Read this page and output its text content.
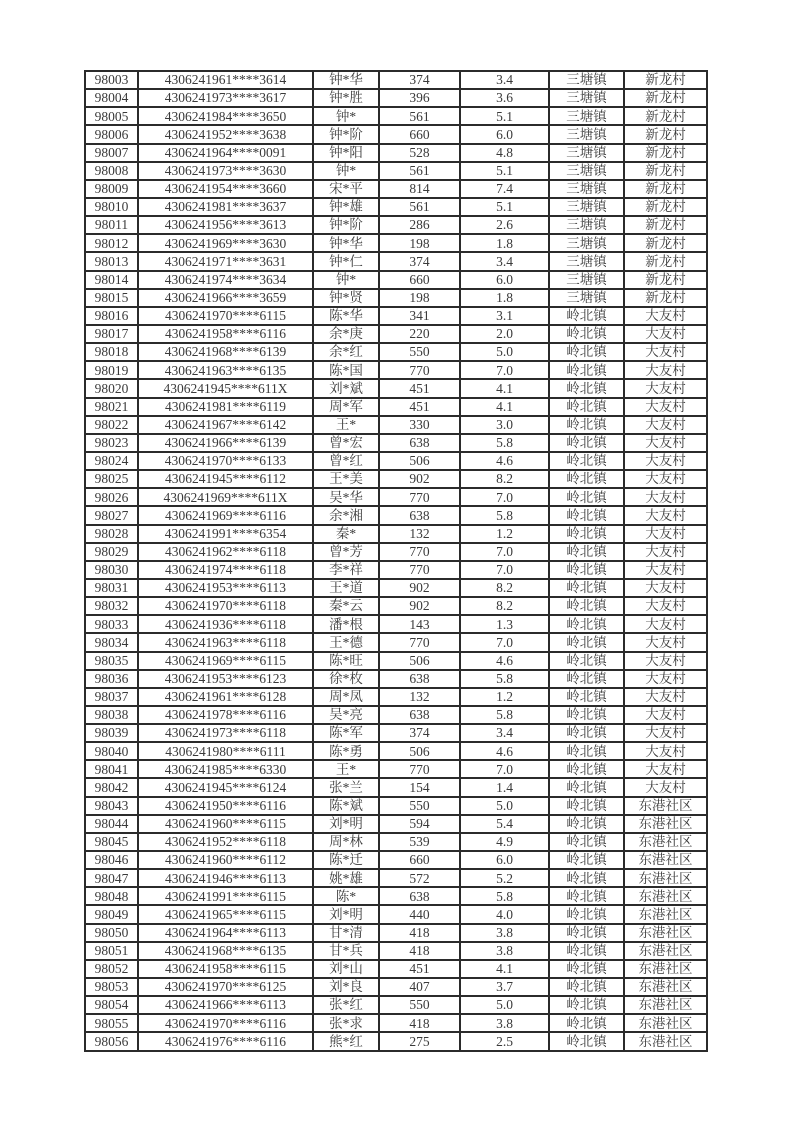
98003	4306241961****3614	钟*华	374	3.4	三塘镇	新龙村
98004	4306241973****3617	钟*胜	396	3.6	三塘镇	新龙村
98005	4306241984****3650	钟*	561	5.1	三塘镇	新龙村
98006	4306241952****3638	钟*阶	660	6.0	三塘镇	新龙村
98007	4306241964****0091	钟*阳	528	4.8	三塘镇	新龙村
98008	4306241973****3630	钟*	561	5.1	三塘镇	新龙村
98009	4306241954****3660	宋*平	814	7.4	三塘镇	新龙村
98010	4306241981****3637	钟*雄	561	5.1	三塘镇	新龙村
98011	4306241956****3613	钟*阶	286	2.6	三塘镇	新龙村
98012	4306241969****3630	钟*华	198	1.8	三塘镇	新龙村
98013	4306241971****3631	钟*仁	374	3.4	三塘镇	新龙村
98014	4306241974****3634	钟*	660	6.0	三塘镇	新龙村
98015	4306241966****3659	钟*贤	198	1.8	三塘镇	新龙村
98016	4306241970****6115	陈*华	341	3.1	岭北镇	大友村
98017	4306241958****6116	余*庚	220	2.0	岭北镇	大友村
98018	4306241968****6139	余*红	550	5.0	岭北镇	大友村
98019	4306241963****6135	陈*国	770	7.0	岭北镇	大友村
98020	4306241945****611X	刘*斌	451	4.1	岭北镇	大友村
98021	4306241981****6119	周*军	451	4.1	岭北镇	大友村
98022	4306241967****6142	王*	330	3.0	岭北镇	大友村
98023	4306241966****6139	曾*宏	638	5.8	岭北镇	大友村
98024	4306241970****6133	曾*红	506	4.6	岭北镇	大友村
98025	4306241945****6112	王*美	902	8.2	岭北镇	大友村
98026	4306241969****611X	吴*华	770	7.0	岭北镇	大友村
98027	4306241969****6116	余*湘	638	5.8	岭北镇	大友村
98028	4306241991****6354	秦*	132	1.2	岭北镇	大友村
98029	4306241962****6118	曾*芳	770	7.0	岭北镇	大友村
98030	4306241974****6118	李*祥	770	7.0	岭北镇	大友村
98031	4306241953****6113	王*道	902	8.2	岭北镇	大友村
98032	4306241970****6118	秦*云	902	8.2	岭北镇	大友村
98033	4306241936****6118	潘*根	143	1.3	岭北镇	大友村
98034	4306241963****6118	王*德	770	7.0	岭北镇	大友村
98035	4306241969****6115	陈*旺	506	4.6	岭北镇	大友村
98036	4306241953****6123	徐*枚	638	5.8	岭北镇	大友村
98037	4306241961****6128	周*凤	132	1.2	岭北镇	大友村
98038	4306241978****6116	吴*亮	638	5.8	岭北镇	大友村
98039	4306241973****6118	陈*军	374	3.4	岭北镇	大友村
98040	4306241980****6111	陈*勇	506	4.6	岭北镇	大友村
98041	4306241985****6330	王*	770	7.0	岭北镇	大友村
98042	4306241945****6124	张*兰	154	1.4	岭北镇	大友村
98043	4306241950****6116	陈*斌	550	5.0	岭北镇	东港社区
98044	4306241960****6115	刘*明	594	5.4	岭北镇	东港社区
98045	4306241952****6118	周*林	539	4.9	岭北镇	东港社区
98046	4306241960****6112	陈*迁	660	6.0	岭北镇	东港社区
98047	4306241946****6113	姚*雄	572	5.2	岭北镇	东港社区
98048	4306241991****6115	陈*	638	5.8	岭北镇	东港社区
98049	4306241965****6115	刘*明	440	4.0	岭北镇	东港社区
98050	4306241964****6113	甘*清	418	3.8	岭北镇	东港社区
98051	4306241968****6135	甘*兵	418	3.8	岭北镇	东港社区
98052	4306241958****6115	刘*山	451	4.1	岭北镇	东港社区
98053	4306241970****6125	刘*良	407	3.7	岭北镇	东港社区
98054	4306241966****6113	张*红	550	5.0	岭北镇	东港社区
98055	4306241970****6116	张*求	418	3.8	岭北镇	东港社区
98056	4306241976****6116	熊*红	275	2.5	岭北镇	东港社区
